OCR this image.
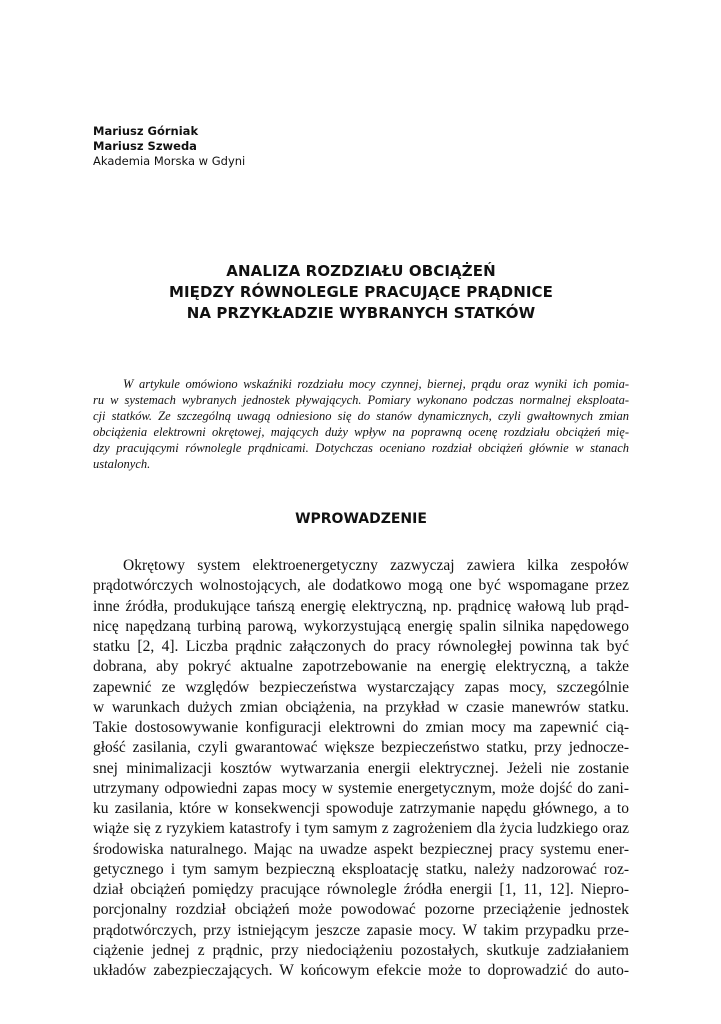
Mariusz Górniak
Mariusz Szweda
Akademia Morska w Gdyni
ANALIZA ROZDZIAŁU OBCIĄŻEŃ
MIĘDZY RÓWNOLEGLE PRACUJĄCE PRĄDNICE
NA PRZYKŁADZIE WYBRANYCH STATKÓW
W artykule omówiono wskaźniki rozdziału mocy czynnej, biernej, prądu oraz wyniki ich pomia-
ru w systemach wybranych jednostek pływających. Pomiary wykonano podczas normalnej eksploata-
cji statków. Ze szczególną uwagą odniesiono się do stanów dynamicznych, czyli gwałtownych zmian
obciążenia elektrowni okrętowej, mających duży wpływ na poprawną ocenę rozdziału obciążeń mię-
dzy pracującymi równolegle prądnicami. Dotychczas oceniano rozdział obciążeń głównie w stanach
ustalonych.
WPROWADZENIE
Okrętowy system elektroenergetyczny zazwyczaj zawiera kilka zespołów
prądotwórczych wolnostojących, ale dodatkowo mogą one być wspomagane przez
inne źródła, produkujące tańszą energię elektryczną, np. prądnicę wałową lub prąd-
nicę napędzaną turbiną parową, wykorzystującą energię spalin silnika napędowego
statku [2, 4]. Liczba prądnic załączonych do pracy równoległej powinna tak być
dobrana, aby pokryć aktualne zapotrzebowanie na energię elektryczną, a także
zapewnić ze względów bezpieczeństwa wystarczający zapas mocy, szczególnie
w warunkach dużych zmian obciążenia, na przykład w czasie manewrów statku.
Takie dostosowywanie konfiguracji elektrowni do zmian mocy ma zapewnić cią-
głość zasilania, czyli gwarantować większe bezpieczeństwo statku, przy jednocze-
snej minimalizacji kosztów wytwarzania energii elektrycznej. Jeżeli nie zostanie
utrzymany odpowiedni zapas mocy w systemie energetycznym, może dojść do zani-
ku zasilania, które w konsekwencji spowoduje zatrzymanie napędu głównego, a to
wiąże się z ryzykiem katastrofy i tym samym z zagrożeniem dla życia ludzkiego oraz
środowiska naturalnego. Mając na uwadze aspekt bezpiecznej pracy systemu ener-
getycznego i tym samym bezpieczną eksploatację statku, należy nadzorować roz-
dział obciążeń pomiędzy pracujące równolegle źródła energii [1, 11, 12]. Niepro-
porcjonalny rozdział obciążeń może powodować pozorne przeciążenie jednostek
prądotwórczych, przy istniejącym jeszcze zapasie mocy. W takim przypadku prze-
ciążenie jednej z prądnic, przy niedociążeniu pozostałych, skutkuje zadziałaniem
układów zabezpieczających. W końcowym efekcie może to doprowadzić do auto-
